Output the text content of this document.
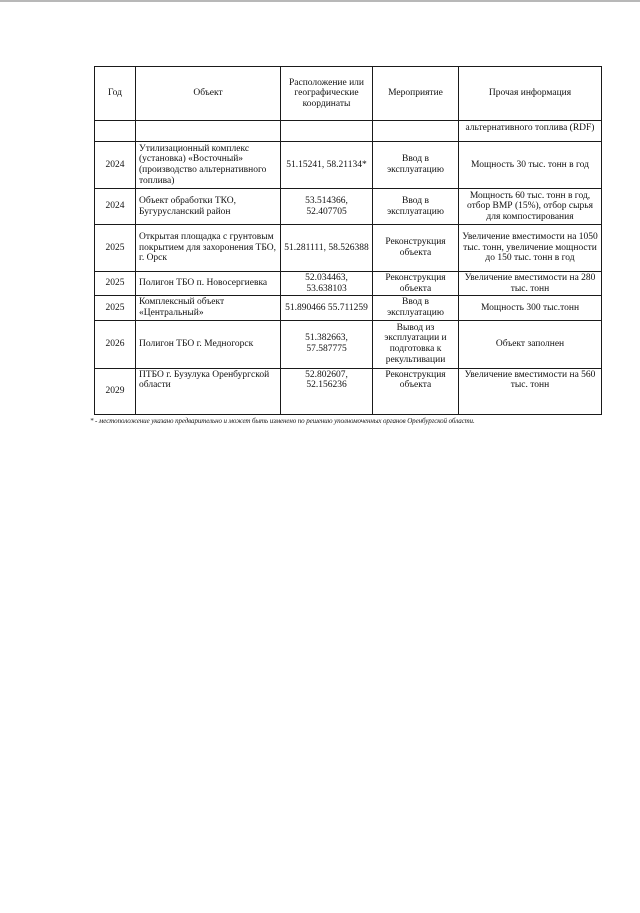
Год	Объект	Расположение или географические координаты	Мероприятие	Прочая информация
				альтернативного топлива (RDF)
2024	Утилизационный комплекс (установка) «Восточный» (производство альтернативного топлива)	51.15241, 58.21134*	Ввод в эксплуатацию	Мощность 30 тыс. тонн в год
2024	Объект обработки ТКО, Бугурусланский район	53.514366, 52.407705	Ввод в эксплуатацию	Мощность 60 тыс. тонн в год, отбор ВМР (15%), отбор сырья для компостирования
2025	Открытая площадка с грунтовым покрытием для захоронения ТБО, г. Орск	51.281111, 58.526388	Реконструкция объекта	Увеличение вместимости на 1050 тыс. тонн, увеличение мощности до 150 тыс. тонн в год
2025	Полигон ТБО п. Новосергиевка	52.034463, 53.638103	Реконструкция объекта	Увеличение вместимости на 280 тыс. тонн
2025	Комплексный объект «Центральный»	51.890466 55.711259	Ввод в эксплуатацию	Мощность 300 тыс.тонн
2026	Полигон ТБО г. Медногорск	51.382663, 57.587775	Вывод из эксплуатации и подготовка к рекультивации	Объект заполнен
2029	ПТБО г. Бузулука Оренбургской области	52.802607, 52.156236	Реконструкция объекта	Увеличение вместимости на 560 тыс. тонн
* - местоположение указано предварительно и может быть изменено по решению уполномоченных органов Оренбургской области.
